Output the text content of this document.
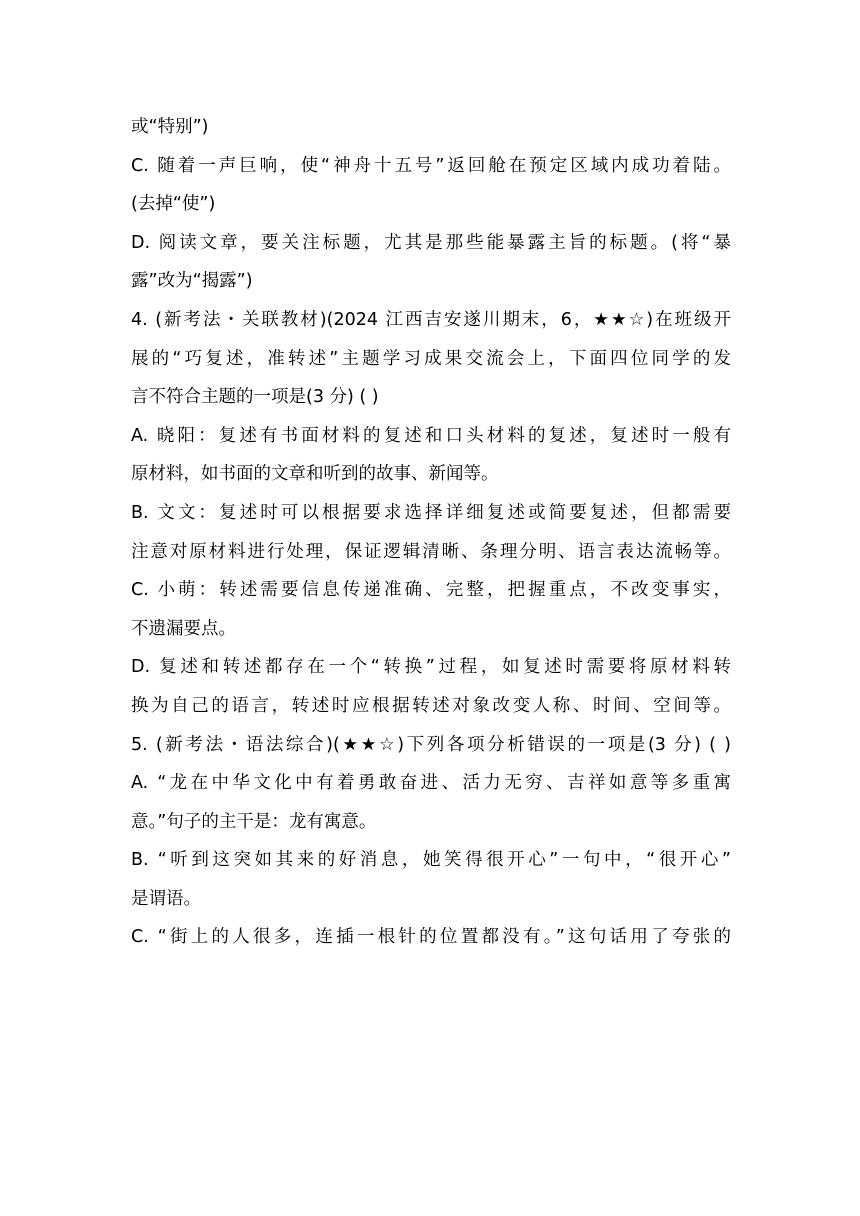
或“特别”)
C. 随着一声巨响，使“神舟十五号”返回舱在预定区域内成功着陆。
(去掉“使”)
D. 阅读文章，要关注标题，尤其是那些能暴露主旨的标题。(将“暴
露”改为“揭露”)
4. (新考法・关联教材)(2024 江西吉安遂川期末，6，★★☆)在班级开
展的“巧复述，准转述”主题学习成果交流会上，下面四位同学的发
言不符合主题的一项是(3 分) ( )
A. 晓阳：复述有书面材料的复述和口头材料的复述，复述时一般有
原材料，如书面的文章和听到的故事、新闻等。
B. 文文：复述时可以根据要求选择详细复述或简要复述，但都需要
注意对原材料进行处理，保证逻辑清晰、条理分明、语言表达流畅等。
C. 小萌：转述需要信息传递准确、完整，把握重点，不改变事实，
不遗漏要点。
D. 复述和转述都存在一个“转换”过程，如复述时需要将原材料转
换为自己的语言，转述时应根据转述对象改变人称、时间、空间等。
5. (新考法・语法综合)(★★☆)下列各项分析错误的一项是(3 分) ( )
A. “龙在中华文化中有着勇敢奋进、活力无穷、吉祥如意等多重寓
意。”句子的主干是：龙有寓意。
B. “听到这突如其来的好消息，她笑得很开心”一句中，“很开心”
是谓语。
C. “街上的人很多，连插一根针的位置都没有。”这句话用了夸张的
